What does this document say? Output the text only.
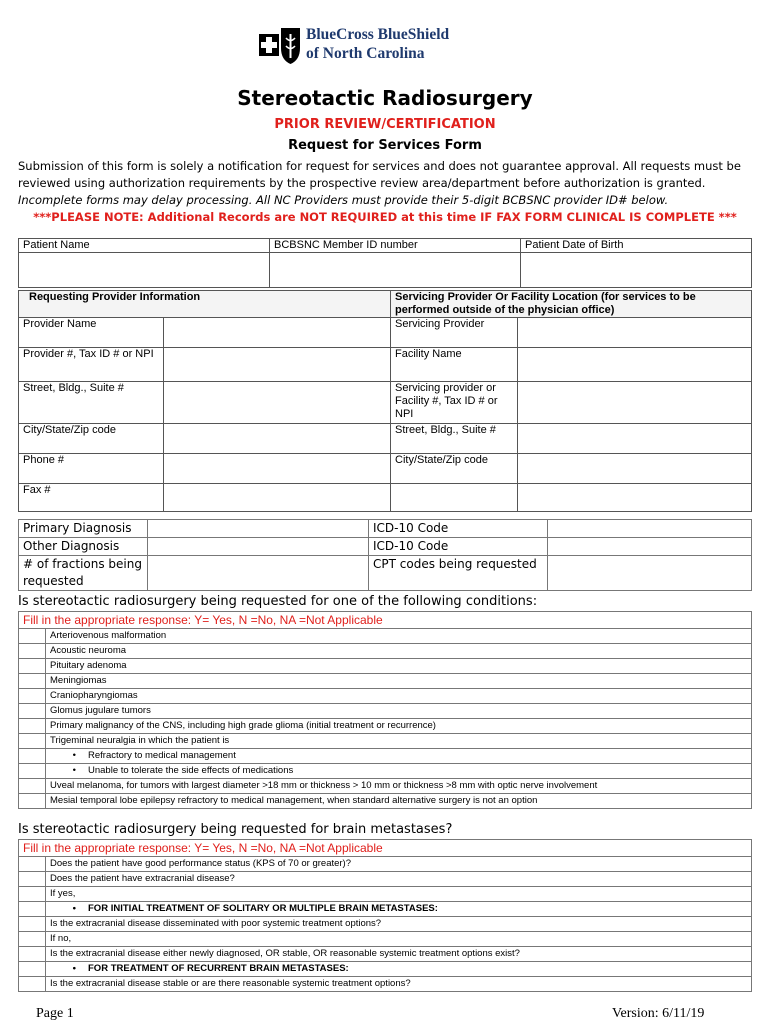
BlueCross BlueShield
of North Carolina
Stereotactic Radiosurgery
PRIOR REVIEW/CERTIFICATION
Request for Services Form
Submission of this form is solely a notification for request for services and does not guarantee approval. All requests must be reviewed using authorization requirements by the prospective review area/department before authorization is granted. Incomplete forms may delay processing. All NC Providers must provide their 5-digit BCBSNC provider ID# below.
***PLEASE NOTE: Additional Records are NOT REQUIRED at this time IF FAX FORM CLINICAL IS COMPLETE ***
Patient Name	BCBSNC Member ID number	Patient Date of Birth

Requesting Provider Information		Servicing Provider Or Facility Location (for services to be performed outside of the physician office)	
Provider Name		Servicing Provider	
Provider #, Tax ID # or NPI		Facility Name	
Street, Bldg., Suite #		Servicing provider or Facility #, Tax ID # or NPI	
City/State/Zip code		Street, Bldg., Suite #	
Phone #		City/State/Zip code	
Fax #			
Primary Diagnosis		ICD-10 Code	
Other Diagnosis		ICD-10 Code	
# of fractions being requested		CPT codes being requested	
Is stereotactic radiosurgery being requested for one of the following conditions:
Fill in the appropriate response: Y= Yes, N =No, NA =Not Applicable	
	Arteriovenous malformation
	Acoustic neuroma
	Pituitary adenoma
	Meningiomas
	Craniopharyngiomas
	Glomus jugulare tumors
	Primary malignancy of the CNS, including high grade glioma (initial treatment or recurrence)
	Trigeminal neuralgia in which the patient is
	• Refractory to medical management
	• Unable to tolerate the side effects of medications
	Uveal melanoma, for tumors with largest diameter >18 mm or thickness > 10 mm or thickness >8 mm with optic nerve involvement
	Mesial temporal lobe epilepsy refractory to medical management, when standard alternative surgery is not an option
Is stereotactic radiosurgery being requested for brain metastases?
Fill in the appropriate response: Y= Yes, N =No, NA =Not Applicable	
	Does the patient have good performance status (KPS of 70 or greater)?
	Does the patient have extracranial disease?
	If yes,
	• FOR INITIAL TREATMENT OF SOLITARY OR MULTIPLE BRAIN METASTASES:
	Is the extracranial disease disseminated with poor systemic treatment options?
	If no,
	Is the extracranial disease either newly diagnosed, OR stable, OR reasonable systemic treatment options exist?
	• FOR TREATMENT OF RECURRENT BRAIN METASTASES:
	Is the extracranial disease stable or are there reasonable systemic treatment options?
Page 1	Version: 6/11/19
